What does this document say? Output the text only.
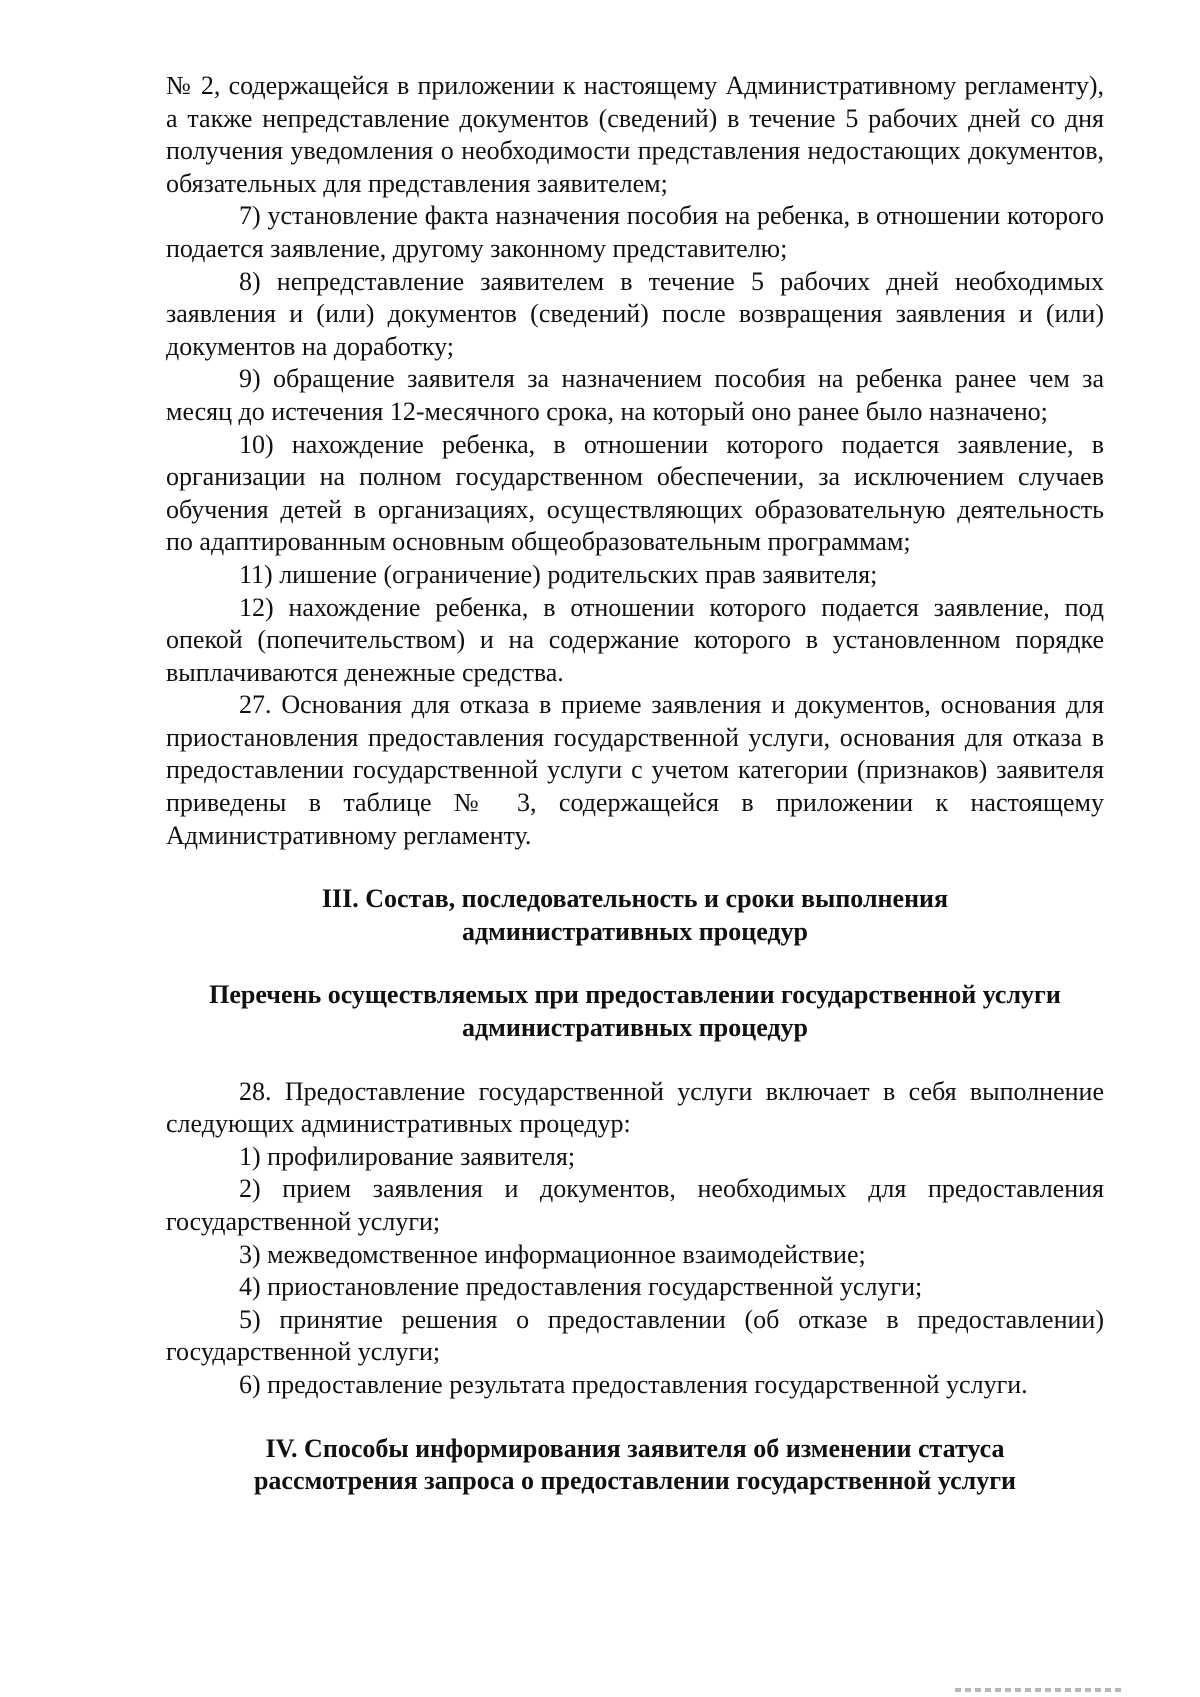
№ 2, содержащейся в приложении к настоящему Административному регламенту), а также непредставление документов (сведений) в течение 5 рабочих дней со дня получения уведомления о необходимости представления недостающих документов, обязательных для представления заявителем;

7) установление факта назначения пособия на ребенка, в отношении которого подается заявление, другому законному представителю;

8) непредставление заявителем в течение 5 рабочих дней необходимых заявления и (или) документов (сведений) после возвращения заявления и (или) документов на доработку;

9) обращение заявителя за назначением пособия на ребенка ранее чем за месяц до истечения 12-месячного срока, на который оно ранее было назначено;

10) нахождение ребенка, в отношении которого подается заявление, в организации на полном государственном обеспечении, за исключением случаев обучения детей в организациях, осуществляющих образовательную деятельность по адаптированным основным общеобразовательным программам;

11) лишение (ограничение) родительских прав заявителя;

12) нахождение ребенка, в отношении которого подается заявление, под опекой (попечительством) и на содержание которого в установленном порядке выплачиваются денежные средства.

27. Основания для отказа в приеме заявления и документов, основания для приостановления предоставления государственной услуги, основания для отказа в предоставлении государственной услуги с учетом категории (признаков) заявителя приведены в таблице № 3, содержащейся в приложении к настоящему Административному регламенту.

III. Состав, последовательность и сроки выполнения

административных процедур

Перечень осуществляемых при предоставлении государственной услуги

административных процедур

28. Предоставление государственной услуги включает в себя выполнение следующих административных процедур:

1) профилирование заявителя;

2) прием заявления и документов, необходимых для предоставления государственной услуги;

3) межведомственное информационное взаимодействие;

4) приостановление предоставления государственной услуги;

5) принятие решения о предоставлении (об отказе в предоставлении) государственной услуги;

6) предоставление результата предоставления государственной услуги.

IV. Способы информирования заявителя об изменении статуса

рассмотрения запроса о предоставлении государственной услуги
